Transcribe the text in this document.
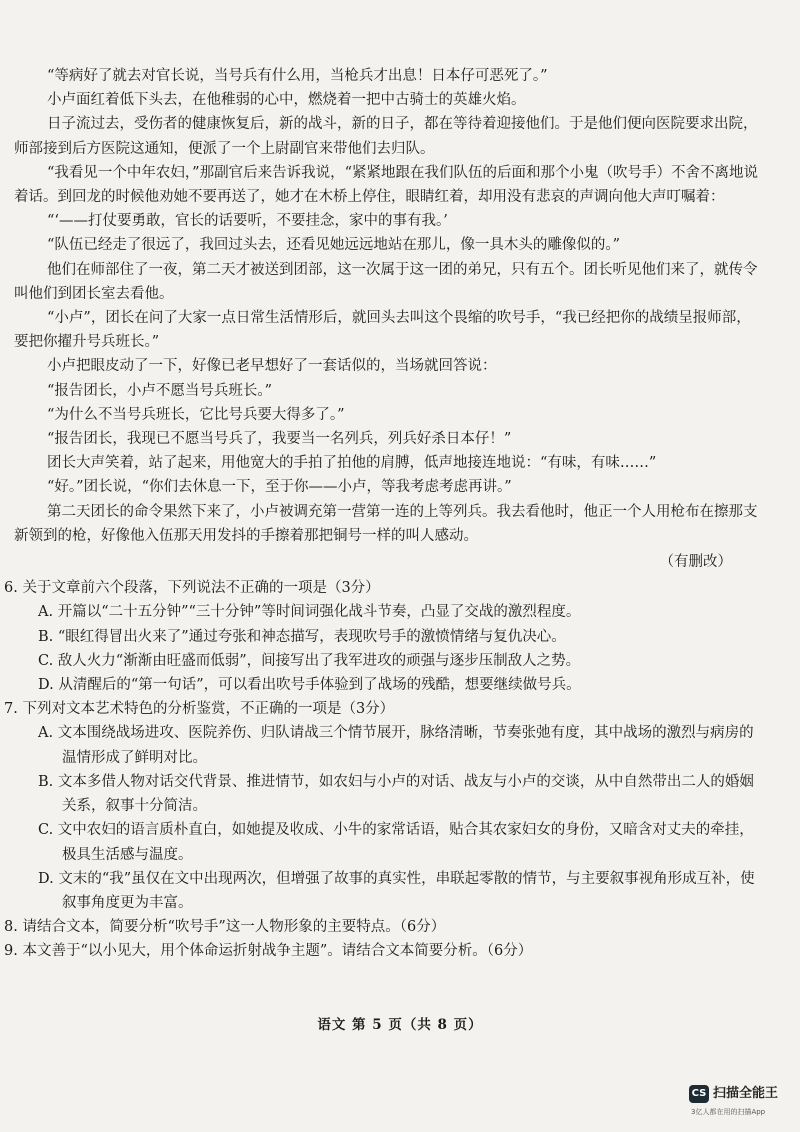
“等病好了就去对官长说，当号兵有什么用，当枪兵才出息！日本仔可恶死了。”

小卢面红着低下头去，在他稚弱的心中，燃烧着一把中古骑士的英雄火焰。

日子流过去，受伤者的健康恢复后，新的战斗，新的日子，都在等待着迎接他们。于是他们便向医院要求出院，师部接到后方医院这通知，便派了一个上尉副官来带他们去归队。

“我看见一个中年农妇，”那副官后来告诉我说，“紧紧地跟在我们队伍的后面和那个小鬼（吹号手）不舍不离地说着话。到回龙的时候他劝她不要再送了，她才在木桥上停住，眼睛红着，却用没有悲哀的声调向他大声叮嘱着：

“‘——打仗要勇敢，官长的话要听，不要挂念，家中的事有我。’

“队伍已经走了很远了，我回过头去，还看见她远远地站在那儿，像一具木头的雕像似的。”

他们在师部住了一夜，第二天才被送到团部，这一次属于这一团的弟兄，只有五个。团长听见他们来了，就传令叫他们到团长室去看他。

“小卢”，团长在问了大家一点日常生活情形后，就回头去叫这个畏缩的吹号手，“我已经把你的战绩呈报师部，要把你擢升号兵班长。”

小卢把眼皮动了一下，好像已老早想好了一套话似的，当场就回答说：

“报告团长，小卢不愿当号兵班长。”

“为什么不当号兵班长，它比号兵要大得多了。”

“报告团长，我现已不愿当号兵了，我要当一名列兵，列兵好杀日本仔！”

团长大声笑着，站了起来，用他宽大的手拍了拍他的肩膊，低声地接连地说：“有味，有味……”

“好。”团长说，“你们去休息一下，至于你——小卢，等我考虑考虑再讲。”

第二天团长的命令果然下来了，小卢被调充第一营第一连的上等列兵。我去看他时，他正一个人用枪布在擦那支新领到的枪，好像他入伍那天用发抖的手擦着那把铜号一样的叫人感动。

（有删改）

6. 关于文章前六个段落，下列说法不正确的一项是（3分）

A. 开篇以“二十五分钟”“三十分钟”等时间词强化战斗节奏，凸显了交战的激烈程度。

B. “眼红得冒出火来了”通过夸张和神态描写，表现吹号手的激愤情绪与复仇决心。

C. 敌人火力“渐渐由旺盛而低弱”，间接写出了我军进攻的顽强与逐步压制敌人之势。

D. 从清醒后的“第一句话”，可以看出吹号手体验到了战场的残酷，想要继续做号兵。

7. 下列对文本艺术特色的分析鉴赏，不正确的一项是（3分）

A. 文本围绕战场进攻、医院养伤、归队请战三个情节展开，脉络清晰，节奏张弛有度，其中战场的激烈与病房的温情形成了鲜明对比。

B. 文本多借人物对话交代背景、推进情节，如农妇与小卢的对话、战友与小卢的交谈，从中自然带出二人的婚姻关系，叙事十分简洁。

C. 文中农妇的语言质朴直白，如她提及收成、小牛的家常话语，贴合其农家妇女的身份，又暗含对丈夫的牵挂，极具生活感与温度。

D. 文末的“我”虽仅在文中出现两次，但增强了故事的真实性，串联起零散的情节，与主要叙事视角形成互补，使叙事角度更为丰富。

8. 请结合文本，简要分析“吹号手”这一人物形象的主要特点。（6分）

9. 本文善于“以小见大，用个体命运折射战争主题”。请结合文本简要分析。（6分）

语文 第 5 页（共 8 页）
CS 扫描全能王
3亿人都在用的扫描App
